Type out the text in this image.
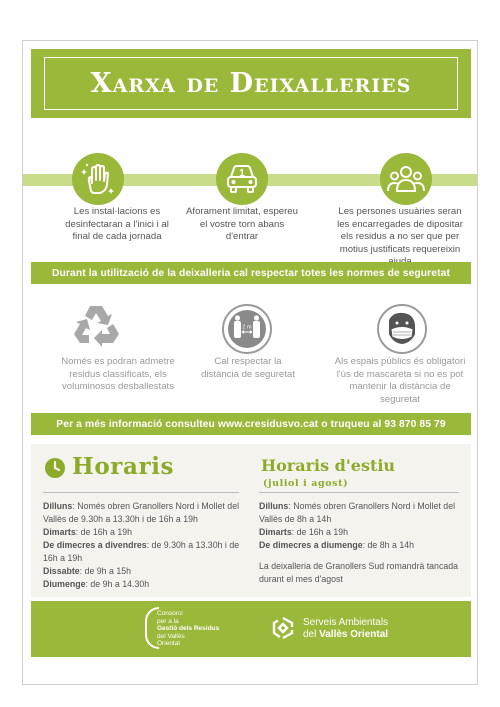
Xarxa de Deixalleries
1
Les instal·lacions es desinfectaran a l'inici i al final de cada jornada
Aforament limitat, espereu el vostre torn abans d'entrar
Les persones usuàries seran les encarregades de dipositar els residus a no ser que per motius justificats requereixin
Durant la utilització de la deixalleria cal respectar totes les normes de seguretat
2 m
Només es podran admetre residus classificats, els voluminosos desballestats
Cal respectar la distància de seguretat
Als espais públics és obligatori l'ús de mascareta si no es pot mantenir la distància de seguretat
Per a més informació consulteu www.cresidusvo.cat o truqueu al 93 870 85 79
Horaris
Dilluns: Només obren Granollers Nord i Mollet del Vallès de 9.30h a 13.30h i de 16h a 19h
Dimarts: de 16h a 19h
De dimecres a divendres: de 9.30h a 13.30h i de 16h a 19h
Dissabte: de 9h a 15h
Diumenge: de 9h a 14.30h
Horaris d'estiu
(juliol i agost)
Dilluns: Només obren Granollers Nord i Mollet del Vallès de 8h a 14h
Dimarts: de 16h a 19h
De dimecres a diumenge: de 8h a 14h
La deixalleria de Granollers Sud romandrà tancada durant el mes d'agost
Consorci
per a la
Gestió dels Residus
del Vallès
Oriental
Serveis Ambientals
del Vallès Oriental
